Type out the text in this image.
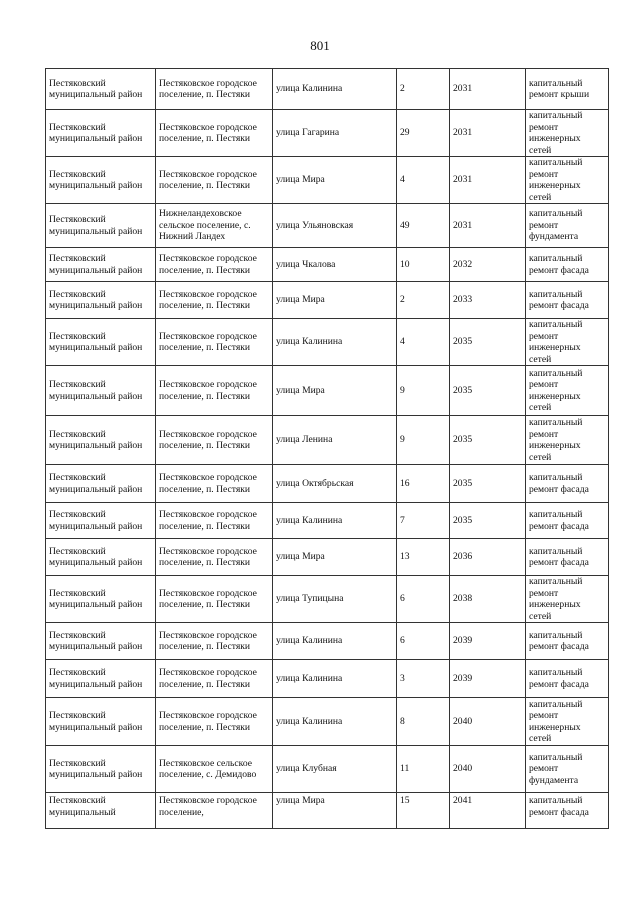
801
Пестяковский муниципальный район	Пестяковское городское поселение, п. Пестяки	улица Калинина	2	2031	капитальный ремонт крыши
Пестяковский муниципальный район	Пестяковское городское поселение, п. Пестяки	улица Гагарина	29	2031	капитальный ремонт инженерных сетей
Пестяковский муниципальный район	Пестяковское городское поселение, п. Пестяки	улица Мира	4	2031	капитальный ремонт инженерных сетей
Пестяковский муниципальный район	Нижнеландеховское сельское поселение, с. Нижний Ландех	улица Ульяновская	49	2031	капитальный ремонт фундамента
Пестяковский муниципальный район	Пестяковское городское поселение, п. Пестяки	улица Чкалова	10	2032	капитальный ремонт фасада
Пестяковский муниципальный район	Пестяковское городское поселение, п. Пестяки	улица Мира	2	2033	капитальный ремонт фасада
Пестяковский муниципальный район	Пестяковское городское поселение, п. Пестяки	улица Калинина	4	2035	капитальный ремонт инженерных сетей
Пестяковский муниципальный район	Пестяковское городское поселение, п. Пестяки	улица Мира	9	2035	капитальный ремонт инженерных сетей
Пестяковский муниципальный район	Пестяковское городское поселение, п. Пестяки	улица Ленина	9	2035	капитальный ремонт инженерных сетей
Пестяковский муниципальный район	Пестяковское городское поселение, п. Пестяки	улица Октябрьская	16	2035	капитальный ремонт фасада
Пестяковский муниципальный район	Пестяковское городское поселение, п. Пестяки	улица Калинина	7	2035	капитальный ремонт фасада
Пестяковский муниципальный район	Пестяковское городское поселение, п. Пестяки	улица Мира	13	2036	капитальный ремонт фасада
Пестяковский муниципальный район	Пестяковское городское поселение, п. Пестяки	улица Тупицына	6	2038	капитальный ремонт инженерных сетей
Пестяковский муниципальный район	Пестяковское городское поселение, п. Пестяки	улица Калинина	6	2039	капитальный ремонт фасада
Пестяковский муниципальный район	Пестяковское городское поселение, п. Пестяки	улица Калинина	3	2039	капитальный ремонт фасада
Пестяковский муниципальный район	Пестяковское городское поселение, п. Пестяки	улица Калинина	8	2040	капитальный ремонт инженерных сетей
Пестяковский муниципальный район	Пестяковское сельское поселение, с. Демидово	улица Клубная	11	2040	капитальный ремонт фундамента
Пестяковский муниципальный	Пестяковское городское поселение,	улица Мира	15	2041	капитальный ремонт фасада
